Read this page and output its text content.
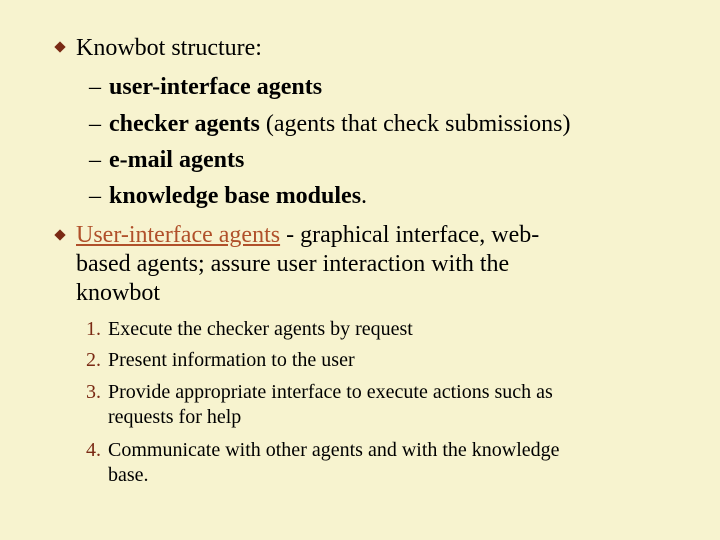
Knowbot structure:
– user-interface agents
– checker agents (agents that check submissions)
– e-mail agents
– knowledge base modules.
User-interface agents - graphical interface, web-
based agents; assure user interaction with the
knowbot
1. Execute the checker agents by request
2. Present information to the user
3. Provide appropriate interface to execute actions such as
requests for help
4. Communicate with other agents and with the knowledge
base.
